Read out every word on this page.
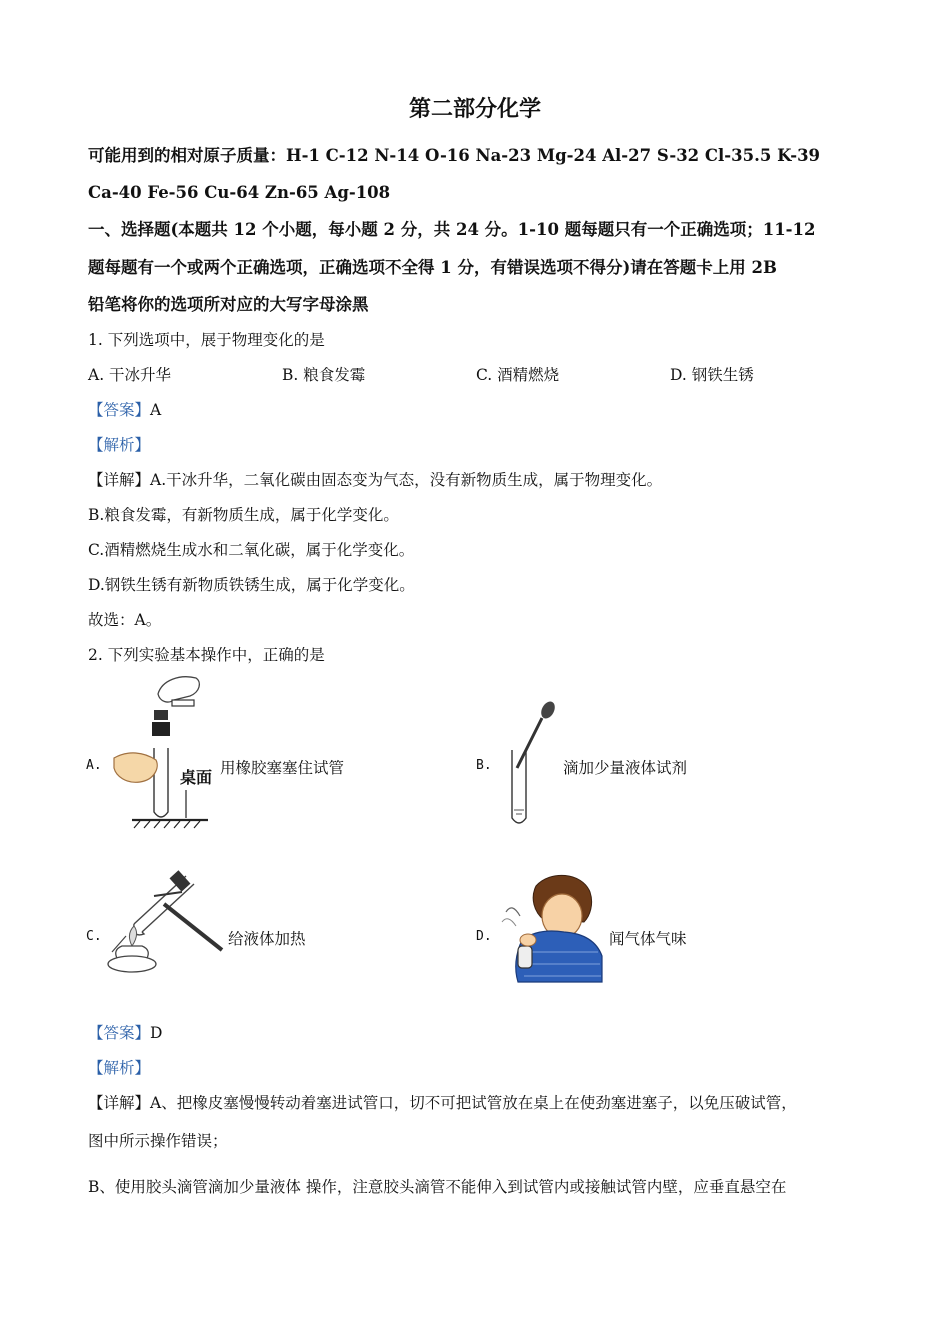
第二部分化学
可能用到的相对原子质量：H-1 C-12 N-14 O-16 Na-23 Mg-24 Al-27 S-32 Cl-35.5 K-39
Ca-40 Fe-56 Cu-64 Zn-65 Ag-108
一、选择题(本题共 12 个小题，每小题 2 分，共 24 分。1-10 题每题只有一个正确选项；11-12
题每题有一个或两个正确选项，正确选项不全得 1 分，有错误选项不得分)请在答题卡上用 2B
铅笔将你的选项所对应的大写字母涂黑
1. 下列选项中，展于物理变化的是
A. 干冰升华	B. 粮食发霉	C. 酒精燃烧	D. 钢铁生锈
【答案】A
【解析】
【详解】A.干冰升华，二氧化碳由固态变为气态，没有新物质生成，属于物理变化。
B.粮食发霉，有新物质生成，属于化学变化。
C.酒精燃烧生成水和二氧化碳，属于化学变化。
D.钢铁生锈有新物质铁锈生成，属于化学变化。
故选：A。
2. 下列实验基本操作中，正确的是
A.
桌面 用橡胶塞塞住试管	B.	滴加少量液体试剂
C.	给液体加热	D.	闻气体气味
【答案】D
【解析】
【详解】A、把橡皮塞慢慢转动着塞进试管口，切不可把试管放在桌上在使劲塞进塞子，以免压破试管，
图中所示操作错误；
B、使用胶头滴管滴加少量液体 操作，注意胶头滴管不能伸入到试管内或接触试管内壁，应垂直悬空在
